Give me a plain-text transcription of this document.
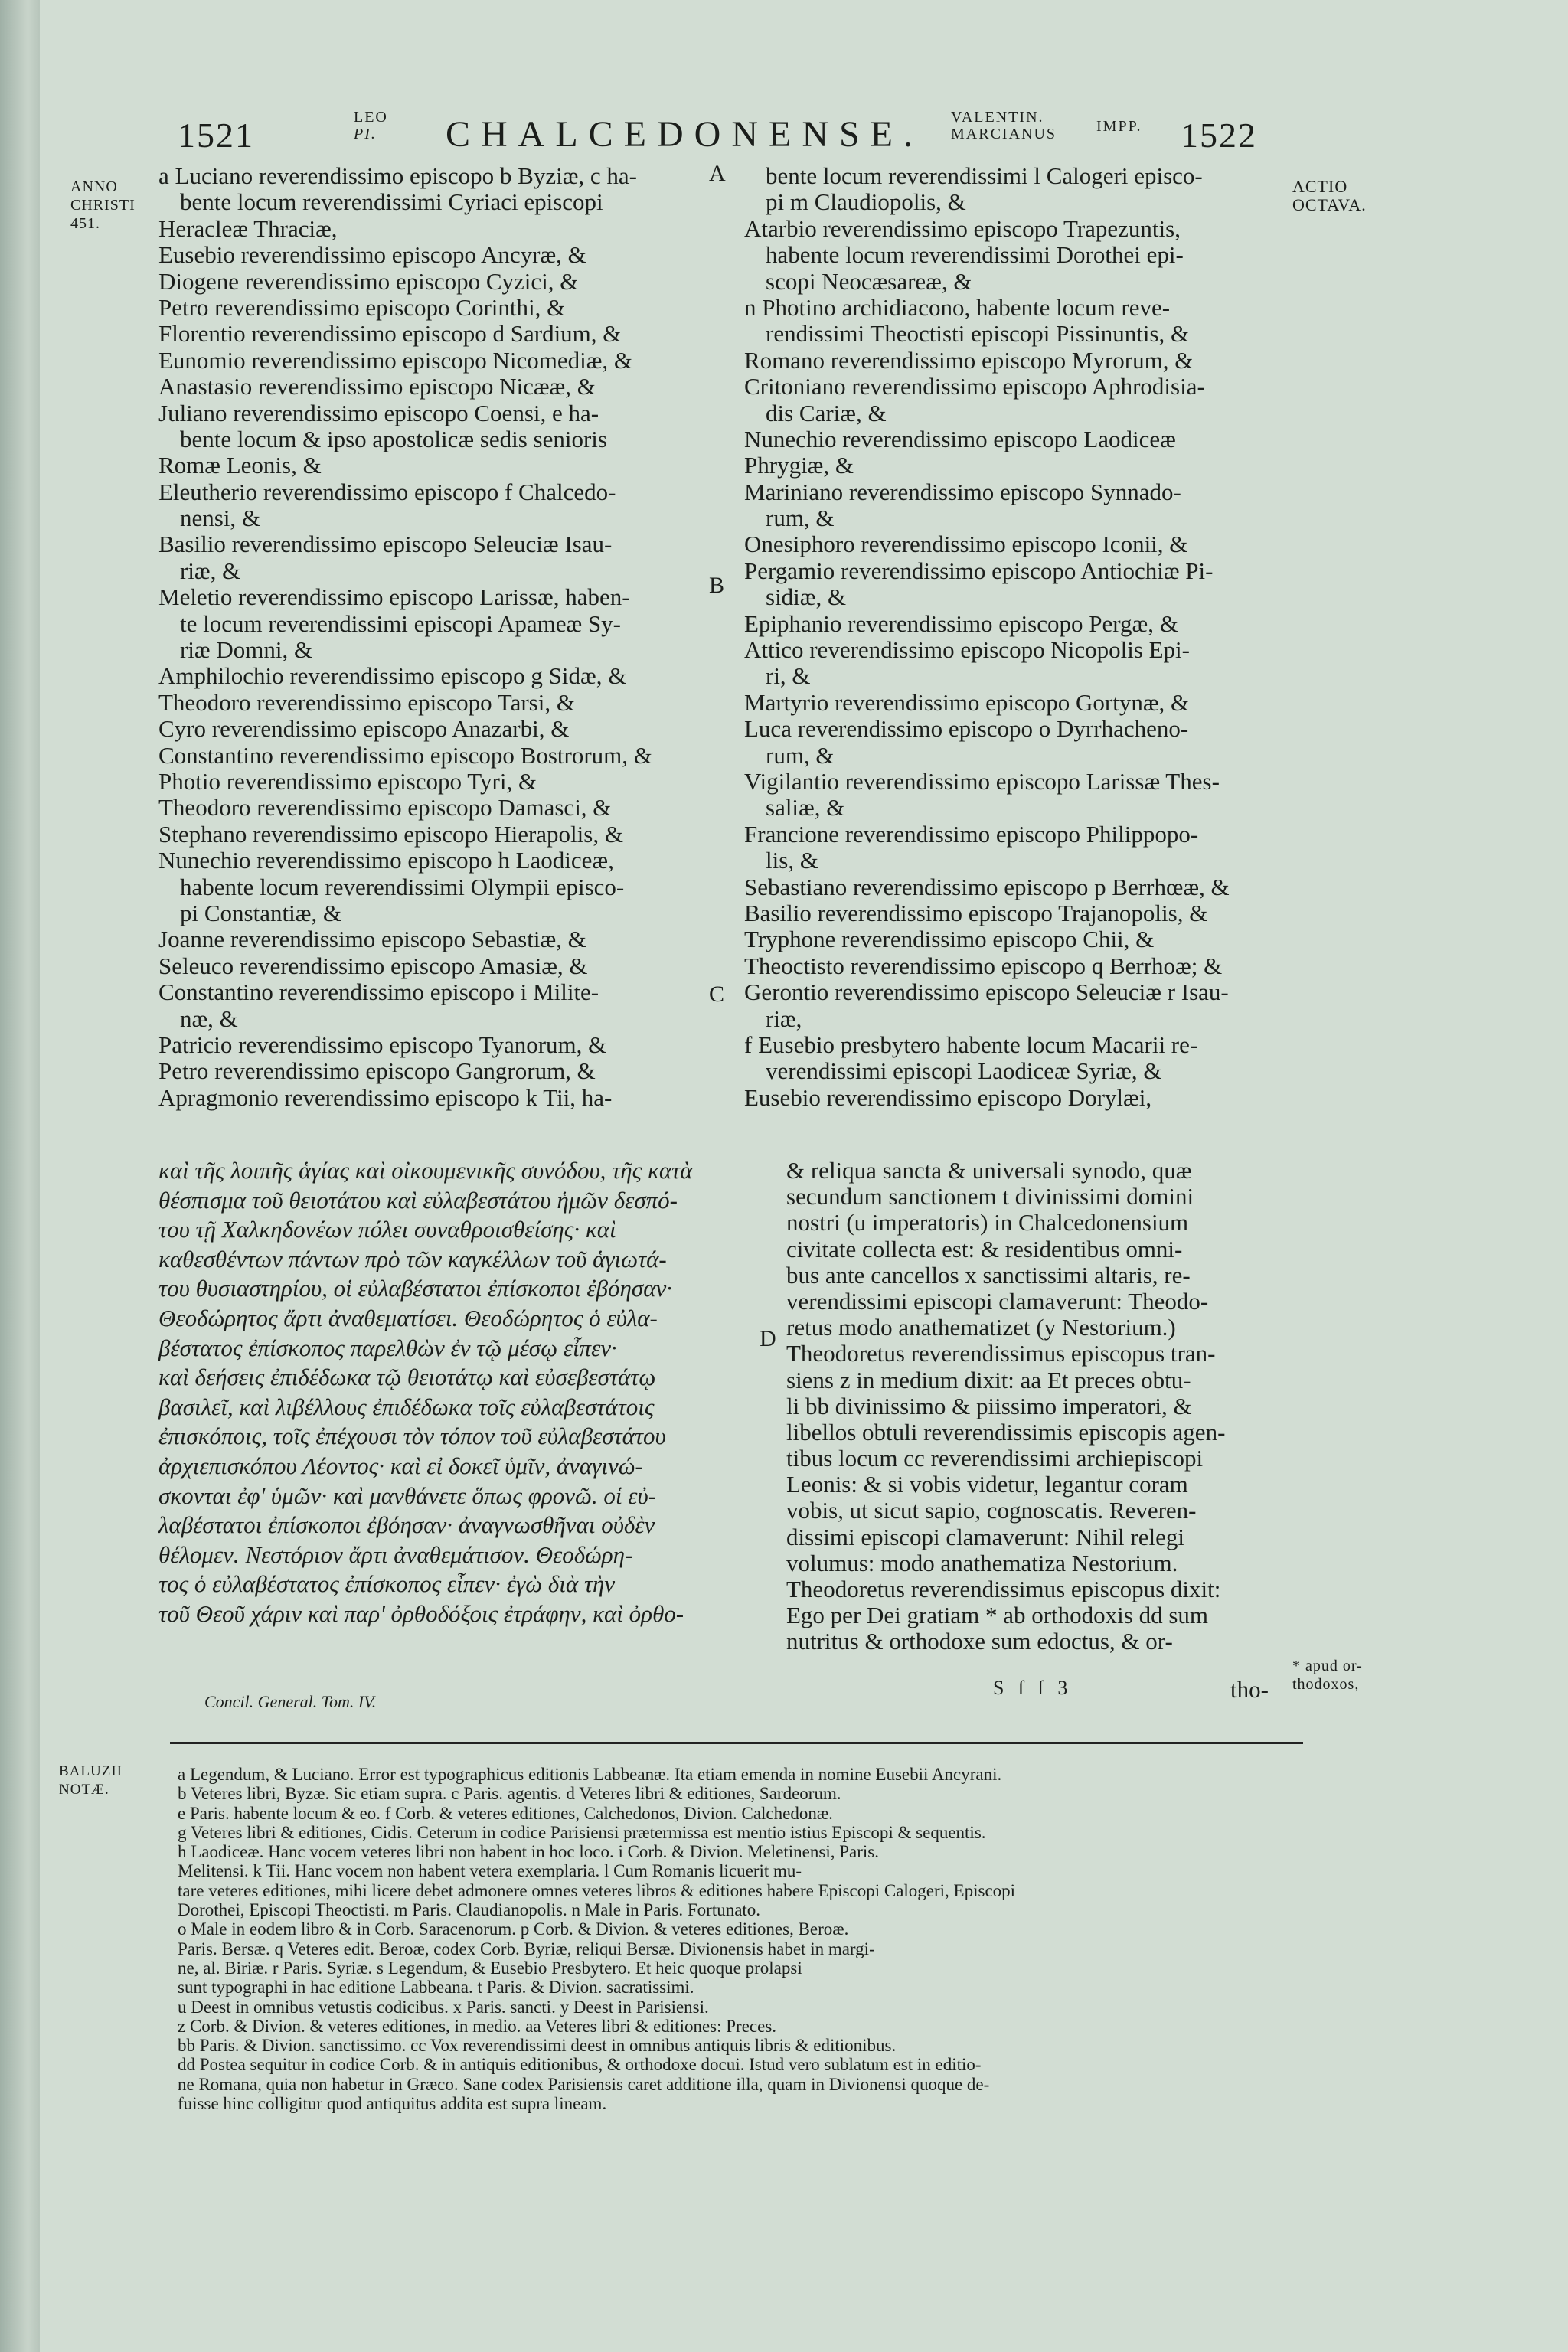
1521	LEO
PI.	CHALCEDONENSE. VALENTIN.
MARCIANUS	IMPP. 1522
ANNO
CHRISTI
451.
ACTIO
OCTAVA.
A
B
C
D
a Luciano reverendissimo episcopo b Byziæ, c ha-
bente locum reverendissimi Cyriaci episcopi
Heracleæ Thraciæ,
Eusebio reverendissimo episcopo Ancyræ, &
Diogene reverendissimo episcopo Cyzici, &
Petro reverendissimo episcopo Corinthi, &
Florentio reverendissimo episcopo d Sardium, &
Eunomio reverendissimo episcopo Nicomediæ, &
Anastasio reverendissimo episcopo Nicææ, &
Juliano reverendissimo episcopo Coensi, e ha-
bente locum & ipso apostolicæ sedis senioris
Romæ Leonis, &
Eleutherio reverendissimo episcopo f Chalcedo-
nensi, &
Basilio reverendissimo episcopo Seleuciæ Isau-
riæ, &
Meletio reverendissimo episcopo Larissæ, haben-
te locum reverendissimi episcopi Apameæ Sy-
riæ Domni, &
Amphilochio reverendissimo episcopo g Sidæ, &
Theodoro reverendissimo episcopo Tarsi, &
Cyro reverendissimo episcopo Anazarbi, &
Constantino reverendissimo episcopo Bostrorum, &
Photio reverendissimo episcopo Tyri, &
Theodoro reverendissimo episcopo Damasci, &
Stephano reverendissimo episcopo Hierapolis, &
Nunechio reverendissimo episcopo h Laodiceæ,
habente locum reverendissimi Olympii episco-
pi Constantiæ, &
Joanne reverendissimo episcopo Sebastiæ, &
Seleuco reverendissimo episcopo Amasiæ, &
Constantino reverendissimo episcopo i Milite-
næ, &
Patricio reverendissimo episcopo Tyanorum, &
Petro reverendissimo episcopo Gangrorum, &
Apragmonio reverendissimo episcopo k Tii, ha-
bente locum reverendissimi l Calogeri episco-
pi m Claudiopolis, &
Atarbio reverendissimo episcopo Trapezuntis,
habente locum reverendissimi Dorothei epi-
scopi Neocæsareæ, &
n Photino archidiacono, habente locum reve-
rendissimi Theoctisti episcopi Pissinuntis, &
Romano reverendissimo episcopo Myrorum, &
Critoniano reverendissimo episcopo Aphrodisia-
dis Cariæ, &
Nunechio reverendissimo episcopo Laodiceæ
Phrygiæ, &
Mariniano reverendissimo episcopo Synnado-
rum, &
Onesiphoro reverendissimo episcopo Iconii, &
Pergamio reverendissimo episcopo Antiochiæ Pi-
sidiæ, &
Epiphanio reverendissimo episcopo Pergæ, &
Attico reverendissimo episcopo Nicopolis Epi-
ri, &
Martyrio reverendissimo episcopo Gortynæ, &
Luca reverendissimo episcopo o Dyrrhacheno-
rum, &
Vigilantio reverendissimo episcopo Larissæ Thes-
saliæ, &
Francione reverendissimo episcopo Philippopo-
lis, &
Sebastiano reverendissimo episcopo p Berrhœæ, &
Basilio reverendissimo episcopo Trajanopolis, &
Tryphone reverendissimo episcopo Chii, &
Theoctisto reverendissimo episcopo q Berrhoæ; &
Gerontio reverendissimo episcopo Seleuciæ r Isau-
riæ,
f Eusebio presbytero habente locum Macarii re-
verendissimi episcopi Laodiceæ Syriæ, &
Eusebio reverendissimo episcopo Dorylæi,
καὶ τῆς λοιπῆς ἁγίας καὶ οἰκουμενικῆς συνόδου, τῆς κατὰ
θέσπισμα τοῦ θειοτάτου καὶ εὐλαβεστάτου ἡμῶν δεσπό-
του τῇ Χαλκηδονέων πόλει συναθροισθείσης· καὶ
καθεσθέντων πάντων πρὸ τῶν καγκέλλων τοῦ ἁγιωτά-
του θυσιαστηρίου, οἱ εὐλαβέστατοι ἐπίσκοποι ἐβόησαν·
Θεοδώρητος ἄρτι ἀναθεματίσει. Θεοδώρητος ὁ εὐλα-
βέστατος ἐπίσκοπος παρελθὼν ἐν τῷ μέσῳ εἶπεν·
καὶ δεήσεις ἐπιδέδωκα τῷ θειοτάτῳ καὶ εὐσεβεστάτῳ
βασιλεῖ, καὶ λιβέλλους ἐπιδέδωκα τοῖς εὐλαβεστάτοις
ἐπισκόποις, τοῖς ἐπέχουσι τὸν τόπον τοῦ εὐλαβεστάτου
ἀρχιεπισκόπου Λέοντος· καὶ εἰ δοκεῖ ὑμῖν, ἀναγινώ-
σκονται ἐφ' ὑμῶν· καὶ μανθάνετε ὅπως φρονῶ. οἱ εὐ-
λαβέστατοι ἐπίσκοποι ἐβόησαν· ἀναγνωσθῆναι οὐδὲν
θέλομεν. Νεστόριον ἄρτι ἀναθεμάτισον. Θεοδώρη-
τος ὁ εὐλαβέστατος ἐπίσκοπος εἶπεν· ἐγὼ διὰ τὴν
τοῦ Θεοῦ χάριν καὶ παρ' ὀρθοδόξοις ἐτράφην, καὶ ὀρθο-
Concil. General. Tom. IV.
& reliqua sancta & universali synodo, quæ
secundum sanctionem t divinissimi domini
nostri (u imperatoris) in Chalcedonensium
civitate collecta est: & residentibus omni-
bus ante cancellos x sanctissimi altaris, re-
verendissimi episcopi clamaverunt: Theodo-
retus modo anathematizet (y Nestorium.)
Theodoretus reverendissimus episcopus tran-
siens z in medium dixit: aa Et preces obtu-
li bb divinissimo & piissimo imperatori, &
libellos obtuli reverendissimis episcopis agen-
tibus locum cc reverendissimi archiepiscopi
Leonis: & si vobis videtur, legantur coram
vobis, ut sicut sapio, cognoscatis. Reveren-
dissimi episcopi clamaverunt: Nihil relegi
volumus: modo anathematiza Nestorium.
Theodoretus reverendissimus episcopus dixit:
Ego per Dei gratiam * ab orthodoxis dd sum
nutritus & orthodoxe sum edoctus, & or-
S ſ ſ 3	tho-
* apud or-
thodoxos,
BALUZII
NOTÆ.
a Legendum, & Luciano. Error est typographicus editionis Labbeanæ. Ita etiam emenda in nomine Eusebii Ancyrani.
b Veteres libri, Byzæ. Sic etiam supra. c Paris. agentis. d Veteres libri & editiones, Sardeorum.
e Paris. habente locum & eo. f Corb. & veteres editiones, Calchedonos, Divion. Calchedonæ.
g Veteres libri & editiones, Cidis. Ceterum in codice Parisiensi prætermissa est mentio istius Episcopi & sequentis.
h Laodiceæ. Hanc vocem veteres libri non habent in hoc loco. i Corb. & Divion. Meletinensi, Paris.
Melitensi. k Tii. Hanc vocem non habent vetera exemplaria. l Cum Romanis licuerit mu-
tare veteres editiones, mihi licere debet admonere omnes veteres libros & editiones habere Episcopi Calogeri, Episcopi
Dorothei, Episcopi Theoctisti. m Paris. Claudianopolis. n Male in Paris. Fortunato.
o Male in eodem libro & in Corb. Saracenorum. p Corb. & Divion. & veteres editiones, Beroæ.
Paris. Bersæ. q Veteres edit. Beroæ, codex Corb. Byriæ, reliqui Bersæ. Divionensis habet in margi-
ne, al. Biriæ. r Paris. Syriæ. s Legendum, & Eusebio Presbytero. Et heic quoque prolapsi
sunt typographi in hac editione Labbeana. t Paris. & Divion. sacratissimi.
u Deest in omnibus vetustis codicibus. x Paris. sancti. y Deest in Parisiensi.
z Corb. & Divion. & veteres editiones, in medio. aa Veteres libri & editiones: Preces.
bb Paris. & Divion. sanctissimo. cc Vox reverendissimi deest in omnibus antiquis libris & editionibus.
dd Postea sequitur in codice Corb. & in antiquis editionibus, & orthodoxe docui. Istud vero sublatum est in editio-
ne Romana, quia non habetur in Græco. Sane codex Parisiensis caret additione illa, quam in Divionensi quoque de-
fuisse hinc colligitur quod antiquitus addita est supra lineam.
